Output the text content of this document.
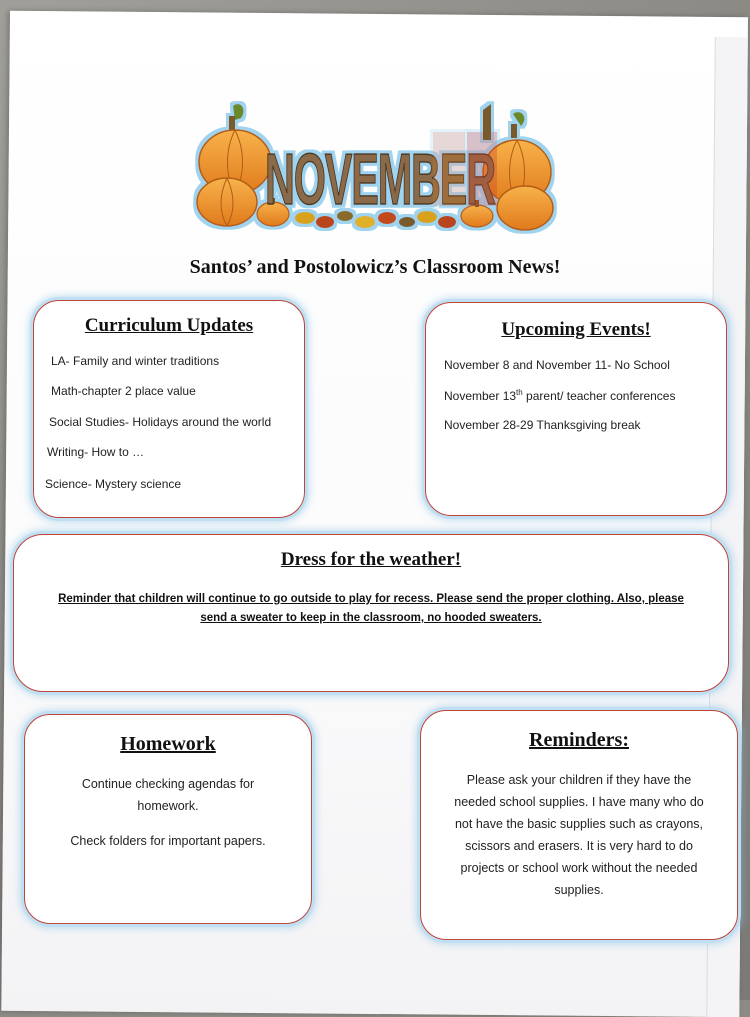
NOVEMBER
Santos’ and Postolowicz’s Classroom News!
Curriculum Updates
LA- Family and winter traditions
Math-chapter 2 place value
Social Studies- Holidays around the world
Writing- How to …
Science- Mystery science
Upcoming Events!
November 8 and November 11- No School
November 13th parent/ teacher conferences
November 28-29 Thanksgiving break
Dress for the weather!
Reminder that children will continue to go outside to play for recess. Please send the proper clothing. Also, please
send a sweater to keep in the classroom, no hooded sweaters.
Homework
Continue checking agendas for
homework.
Check folders for important papers.
Reminders:
Please ask your children if they have the
needed school supplies. I have many who do
not have the basic supplies such as crayons,
scissors and erasers. It is very hard to do
projects or school work without the needed
supplies.
